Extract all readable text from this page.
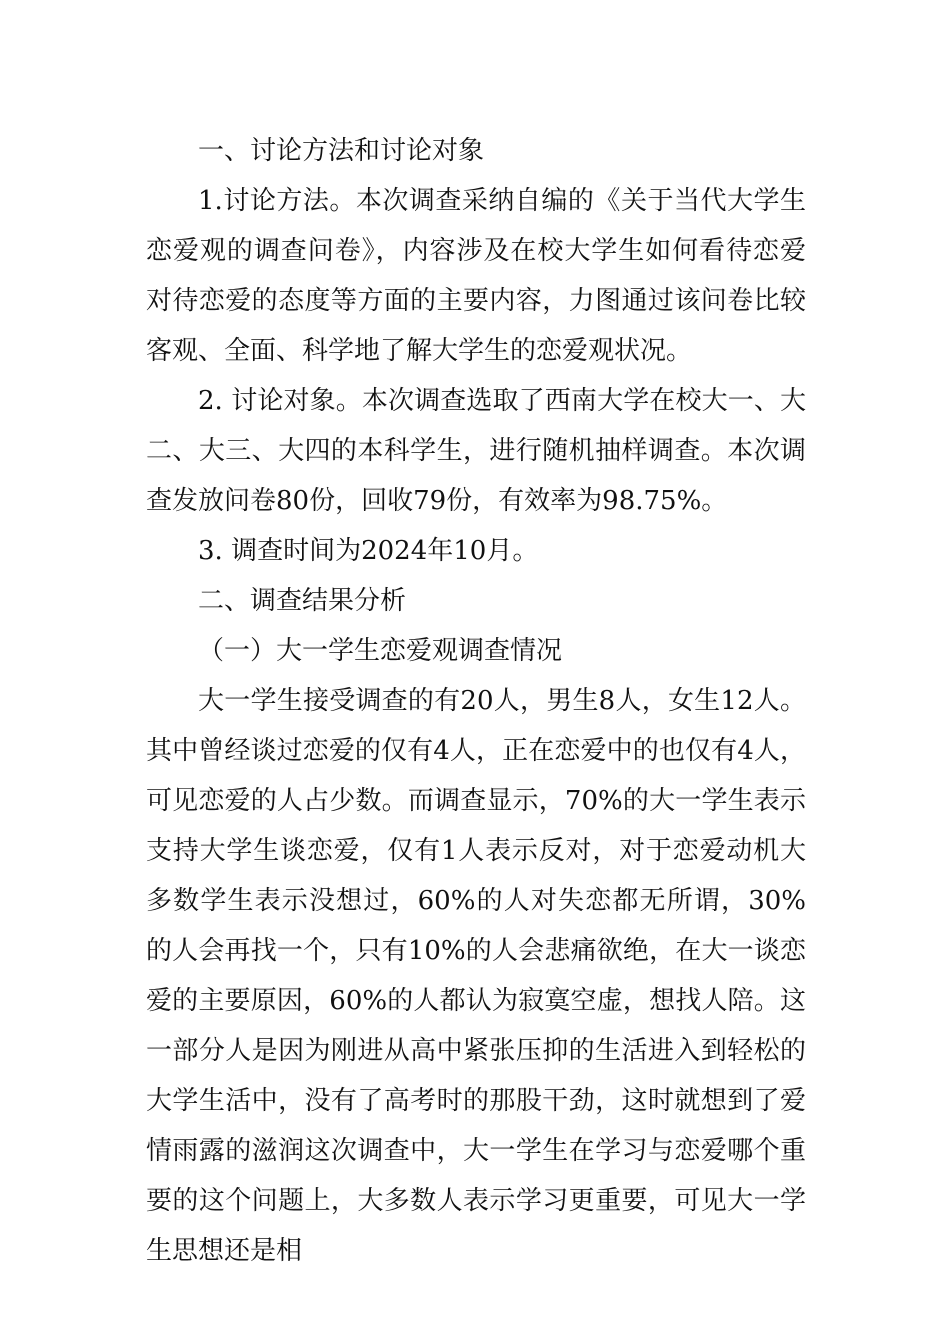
一、讨论方法和讨论对象

1.讨论方法。本次调查采纳自编的《关于当代大学生恋爱观的调查问卷》，内容涉及在校大学生如何看待恋爱对待恋爱的态度等方面的主要内容，力图通过该问卷比较客观、全面、科学地了解大学生的恋爱观状况。

2. 讨论对象。本次调查选取了西南大学在校大一、大二、大三、大四的本科学生，进行随机抽样调查。本次调查发放问卷80份，回收79份，有效率为98.75%。

3. 调查时间为2024年10月。

二、调查结果分析

（一）大一学生恋爱观调查情况

大一学生接受调查的有20人，男生8人，女生12人。其中曾经谈过恋爱的仅有4人，正在恋爱中的也仅有4人，可见恋爱的人占少数。而调查显示，70%的大一学生表示支持大学生谈恋爱，仅有1人表示反对，对于恋爱动机大多数学生表示没想过，60%的人对失恋都无所谓，30%的人会再找一个，只有10%的人会悲痛欲绝，在大一谈恋爱的主要原因，60%的人都认为寂寞空虚，想找人陪。这一部分人是因为刚进从高中紧张压抑的生活进入到轻松的大学生活中，没有了高考时的那股干劲，这时就想到了爱情雨露的滋润这次调查中，大一学生在学习与恋爱哪个重要的这个问题上，大多数人表示学习更重要，可见大一学生思想还是相
